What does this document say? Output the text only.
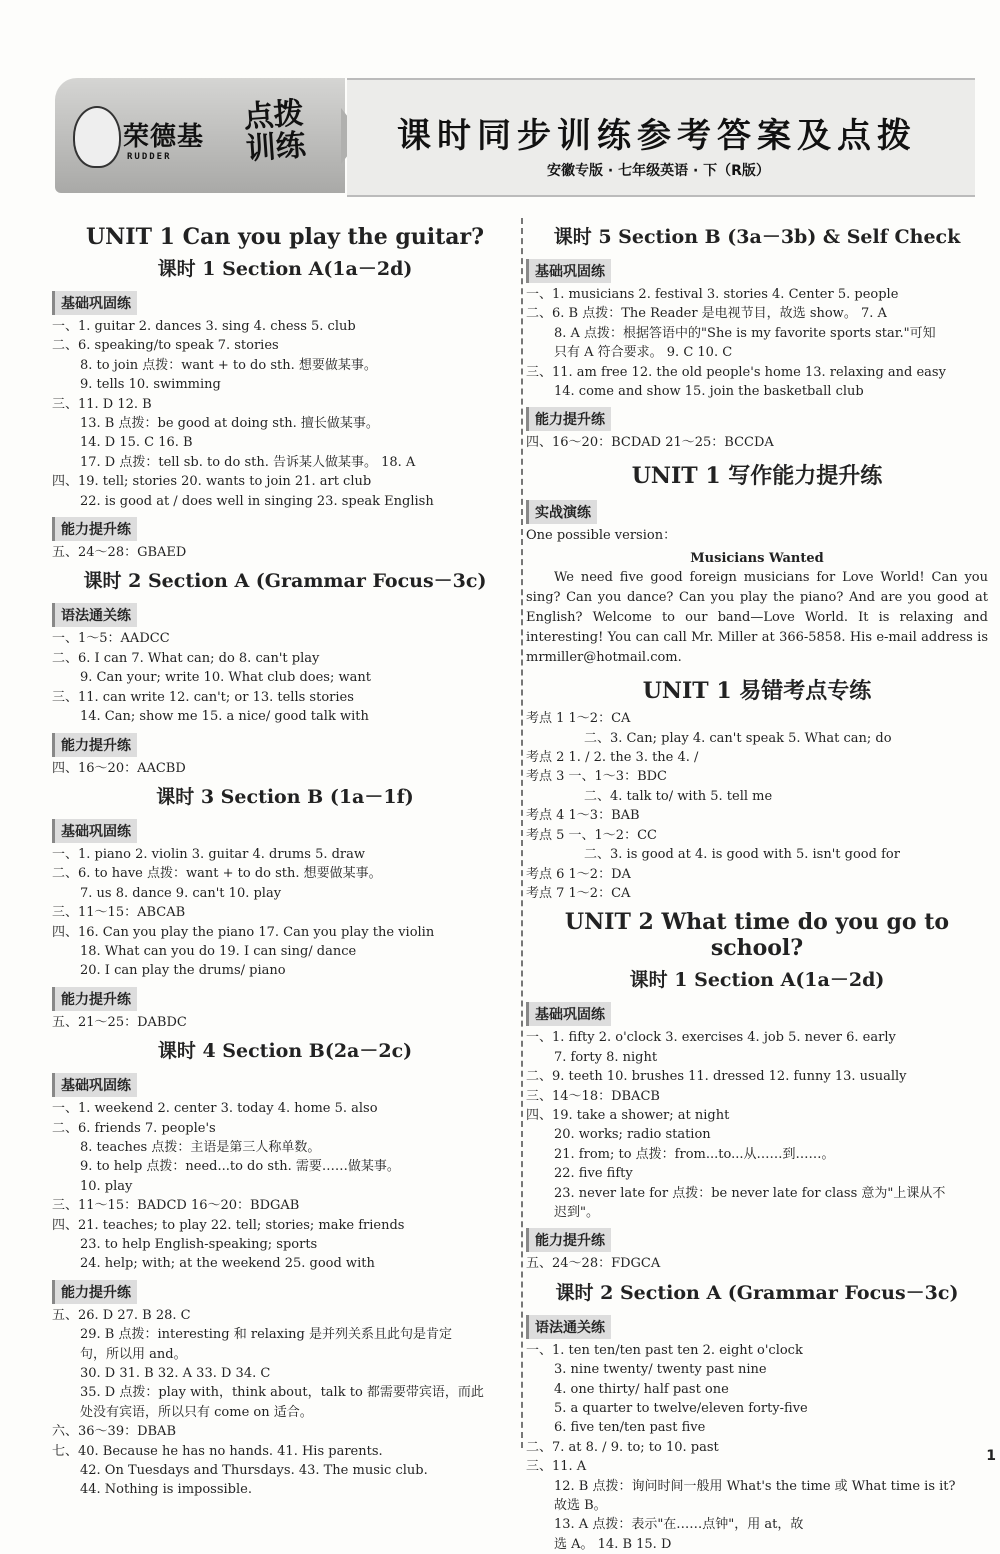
荣德基
RUDDER
点拨
训练	课时同步训练参考答案及点拨
安徽专版 · 七年级英语 · 下（R版）
UNIT 1 Can you play the guitar?
课时 1 Section A(1a－2d)
基础巩固练
一、1. guitar 2. dances 3. sing 4. chess 5. club
二、6. speaking/to speak 7. stories
8. to join 点拨：want + to do sth. 想要做某事。
9. tells 10. swimming
三、11. D 12. B
13. B 点拨：be good at doing sth. 擅长做某事。
14. D 15. C 16. B
17. D 点拨：tell sb. to do sth. 告诉某人做某事。 18. A
四、19. tell; stories 20. wants to join 21. art club
22. is good at / does well in singing 23. speak English
能力提升练
五、24～28：GBAED
课时 2 Section A (Grammar Focus－3c)
语法通关练
一、1～5：AADCC
二、6. I can 7. What can; do 8. can't play
9. Can your; write 10. What club does; want
三、11. can write 12. can't; or 13. tells stories
14. Can; show me 15. a nice/ good talk with
能力提升练
四、16～20：AACBD
课时 3 Section B (1a－1f)
基础巩固练
一、1. piano 2. violin 3. guitar 4. drums 5. draw
二、6. to have 点拨：want + to do sth. 想要做某事。
7. us 8. dance 9. can't 10. play
三、11～15：ABCAB
四、16. Can you play the piano 17. Can you play the violin
18. What can you do 19. I can sing/ dance
20. I can play the drums/ piano
能力提升练
五、21～25：DABDC
课时 4 Section B(2a－2c)
基础巩固练
一、1. weekend 2. center 3. today 4. home 5. also
二、6. friends 7. people's
8. teaches 点拨：主语是第三人称单数。
9. to help 点拨：need...to do sth. 需要……做某事。
10. play
三、11～15：BADCD 16～20：BDGAB
四、21. teaches; to play 22. tell; stories; make friends
23. to help English-speaking; sports
24. help; with; at the weekend 25. good with
能力提升练
五、26. D 27. B 28. C
29. B 点拨：interesting 和 relaxing 是并列关系且此句是肯定
句，所以用 and。
30. D 31. B 32. A 33. D 34. C
35. D 点拨：play with，think about，talk to 都需要带宾语，而此
处没有宾语，所以只有 come on 适合。
六、36～39：DBAB
七、40. Because he has no hands. 41. His parents.
42. On Tuesdays and Thursdays. 43. The music club.
44. Nothing is impossible.
课时 5 Section B (3a－3b) & Self Check
基础巩固练
一、1. musicians 2. festival 3. stories 4. Center 5. people
二、6. B 点拨：The Reader 是电视节目，故选 show。 7. A
8. A 点拨：根据答语中的"She is my favorite sports star."可知
只有 A 符合要求。 9. C 10. C
三、11. am free 12. the old people's home 13. relaxing and easy
14. come and show 15. join the basketball club
能力提升练
四、16～20：BCDAD 21～25：BCCDA
UNIT 1 写作能力提升练
实战演练
One possible version：
Musicians Wanted
We need five good foreign musicians for Love World! Can you sing? Can you dance? Can you play the piano? And are you good at English? Welcome to our band—Love World. It is relaxing and interesting! You can call Mr. Miller at 366-5858. His e-mail address is mrmiller@hotmail.com.
UNIT 1 易错考点专练
考点 1 1～2：CA
二、3. Can; play 4. can't speak 5. What can; do
考点 2 1. / 2. the 3. the 4. /
考点 3 一、1～3：BDC
二、4. talk to/ with 5. tell me
考点 4 1～3：BAB
考点 5 一、1～2：CC
二、3. is good at 4. is good with 5. isn't good for
考点 6 1～2：DA
考点 7 1～2：CA
UNIT 2 What time do you go to school?
课时 1 Section A(1a－2d)
基础巩固练
一、1. fifty 2. o'clock 3. exercises 4. job 5. never 6. early
7. forty 8. night
二、9. teeth 10. brushes 11. dressed 12. funny 13. usually
三、14～18：DBACB
四、19. take a shower; at night
20. works; radio station
21. from; to 点拨：from...to...从……到……。
22. five fifty
23. never late for 点拨：be never late for class 意为"上课从不
迟到"。
能力提升练
五、24～28：FDGCA
课时 2 Section A (Grammar Focus－3c)
语法通关练
一、1. ten ten/ten past ten 2. eight o'clock
3. nine twenty/ twenty past nine
4. one thirty/ half past one
5. a quarter to twelve/eleven forty-five
6. five ten/ten past five
二、7. at 8. / 9. to; to 10. past
三、11. A
12. B 点拨：询问时间一般用 What's the time 或 What time is it?
故选 B。
13. A 点拨：表示"在……点钟"，用 at，故
选 A。 14. B 15. D
1
